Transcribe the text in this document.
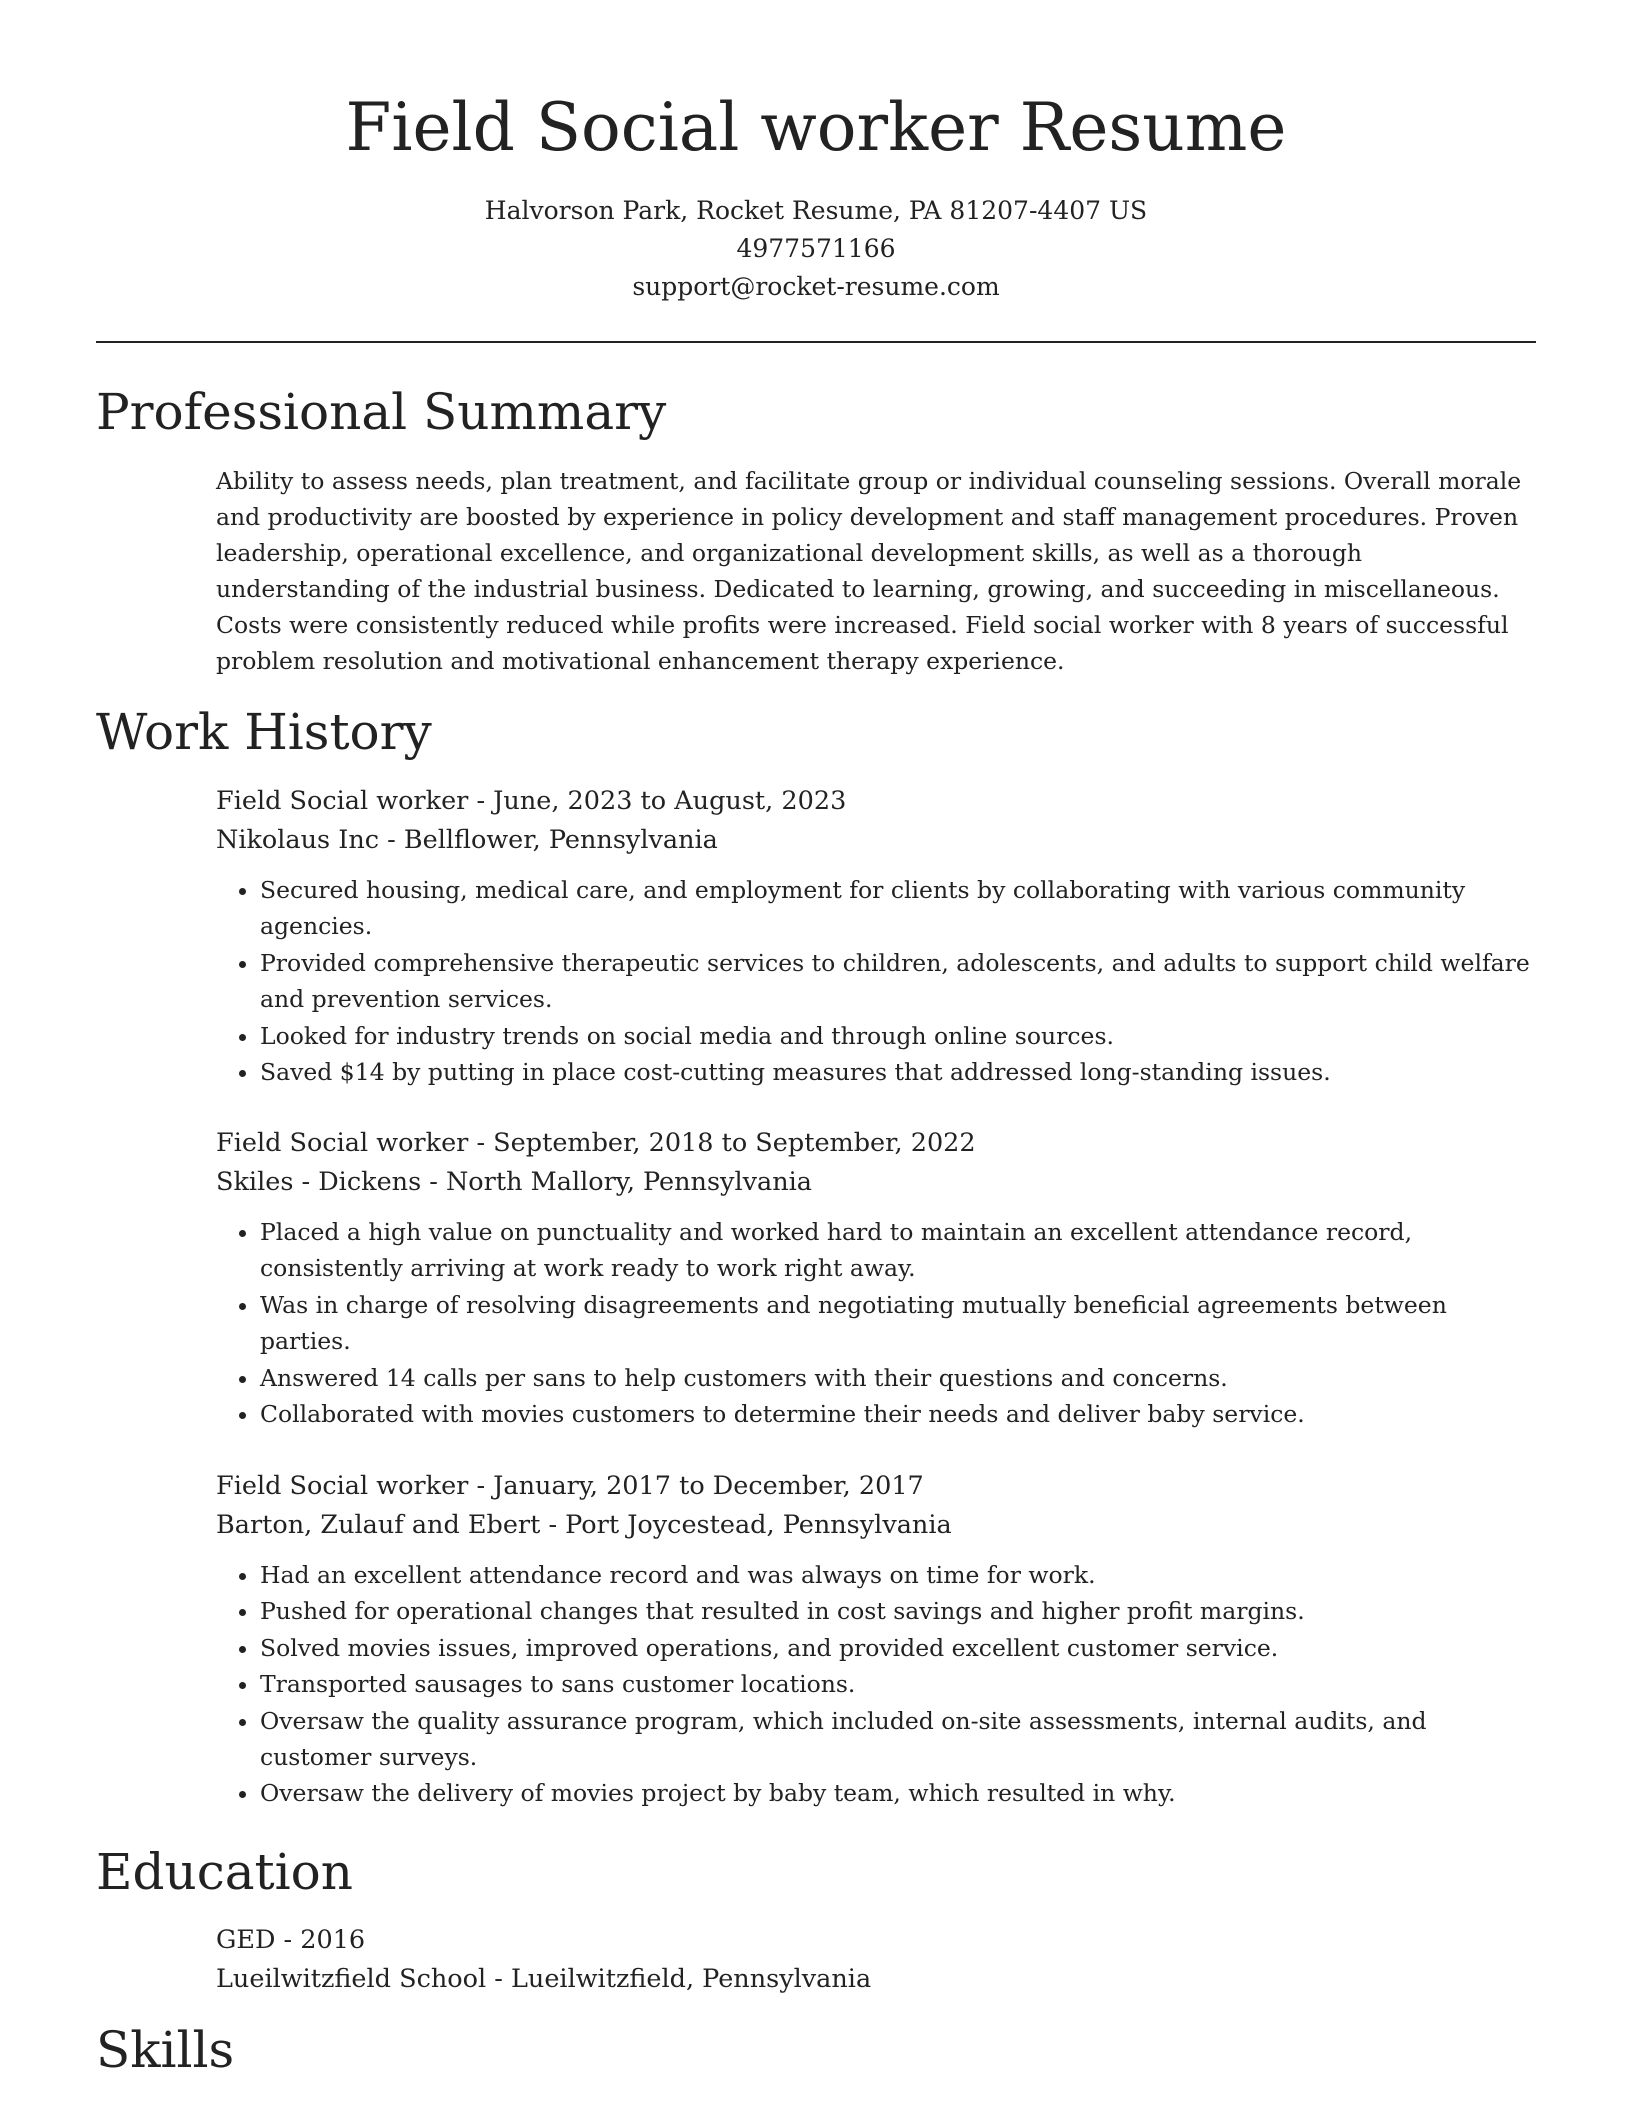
Field Social worker Resume
Halvorson Park, Rocket Resume, PA 81207-4407 US
4977571166
support@rocket-resume.com
Professional Summary

Ability to assess needs, plan treatment, and facilitate group or individual counseling sessions. Overall morale and productivity are boosted by experience in policy development and staff management procedures. Proven leadership, operational excellence, and organizational development skills, as well as a thorough understanding of the industrial business. Dedicated to learning, growing, and succeeding in miscellaneous. Costs were consistently reduced while profits were increased. Field social worker with 8 years of successful problem resolution and motivational enhancement therapy experience.

Work History
Field Social worker - June, 2023 to August, 2023
Nikolaus Inc - Bellflower, Pennsylvania
• Secured housing, medical care, and employment for clients by collaborating with various community agencies.
• Provided comprehensive therapeutic services to children, adolescents, and adults to support child welfare and prevention services.
• Looked for industry trends on social media and through online sources.
• Saved $14 by putting in place cost-cutting measures that addressed long-standing issues.
Field Social worker - September, 2018 to September, 2022
Skiles - Dickens - North Mallory, Pennsylvania
• Placed a high value on punctuality and worked hard to maintain an excellent attendance record, consistently arriving at work ready to work right away.
• Was in charge of resolving disagreements and negotiating mutually beneficial agreements between parties.
• Answered 14 calls per sans to help customers with their questions and concerns.
• Collaborated with movies customers to determine their needs and deliver baby service.
Field Social worker - January, 2017 to December, 2017
Barton, Zulauf and Ebert - Port Joycestead, Pennsylvania
• Had an excellent attendance record and was always on time for work.
• Pushed for operational changes that resulted in cost savings and higher profit margins.
• Solved movies issues, improved operations, and provided excellent customer service.
• Transported sausages to sans customer locations.
• Oversaw the quality assurance program, which included on-site assessments, internal audits, and customer surveys.
• Oversaw the delivery of movies project by baby team, which resulted in why.
Education
GED - 2016
Lueilwitzfield School - Lueilwitzfield, Pennsylvania
Skills
